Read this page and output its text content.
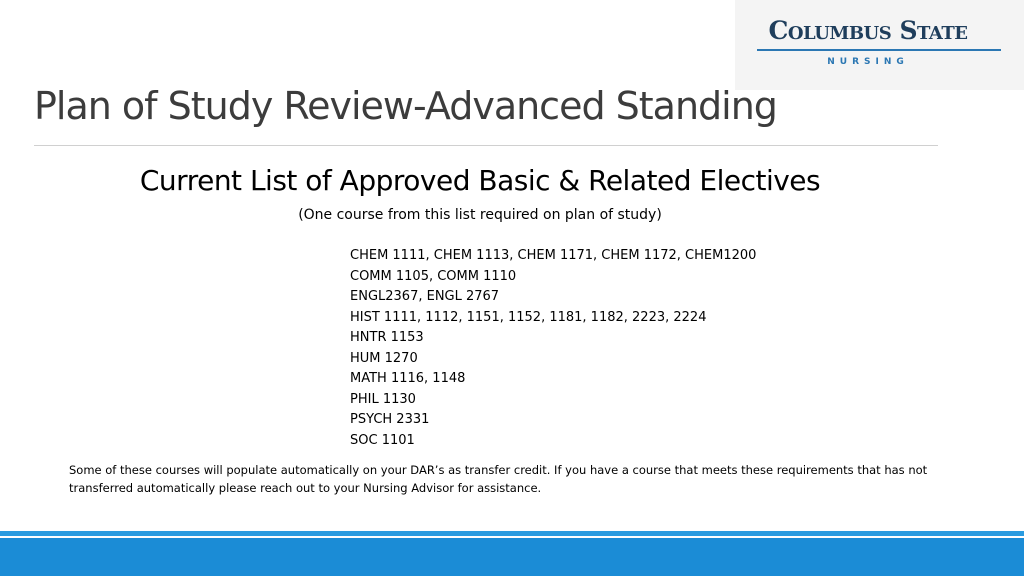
Columbus State
NURSING
Plan of Study Review-Advanced Standing
Current List of Approved Basic & Related Electives
(One course from this list required on plan of study)
CHEM 1111, CHEM 1113, CHEM 1171, CHEM 1172, CHEM1200
COMM 1105, COMM 1110
ENGL2367, ENGL 2767
HIST 1111, 1112, 1151, 1152, 1181, 1182, 2223, 2224
HNTR 1153
HUM 1270
MATH 1116, 1148
PHIL 1130
PSYCH 2331
SOC 1101

Some of these courses will populate automatically on your DAR’s as transfer credit. If you have a course that meets these requirements that has not transferred automatically please reach out to your Nursing Advisor for assistance.
